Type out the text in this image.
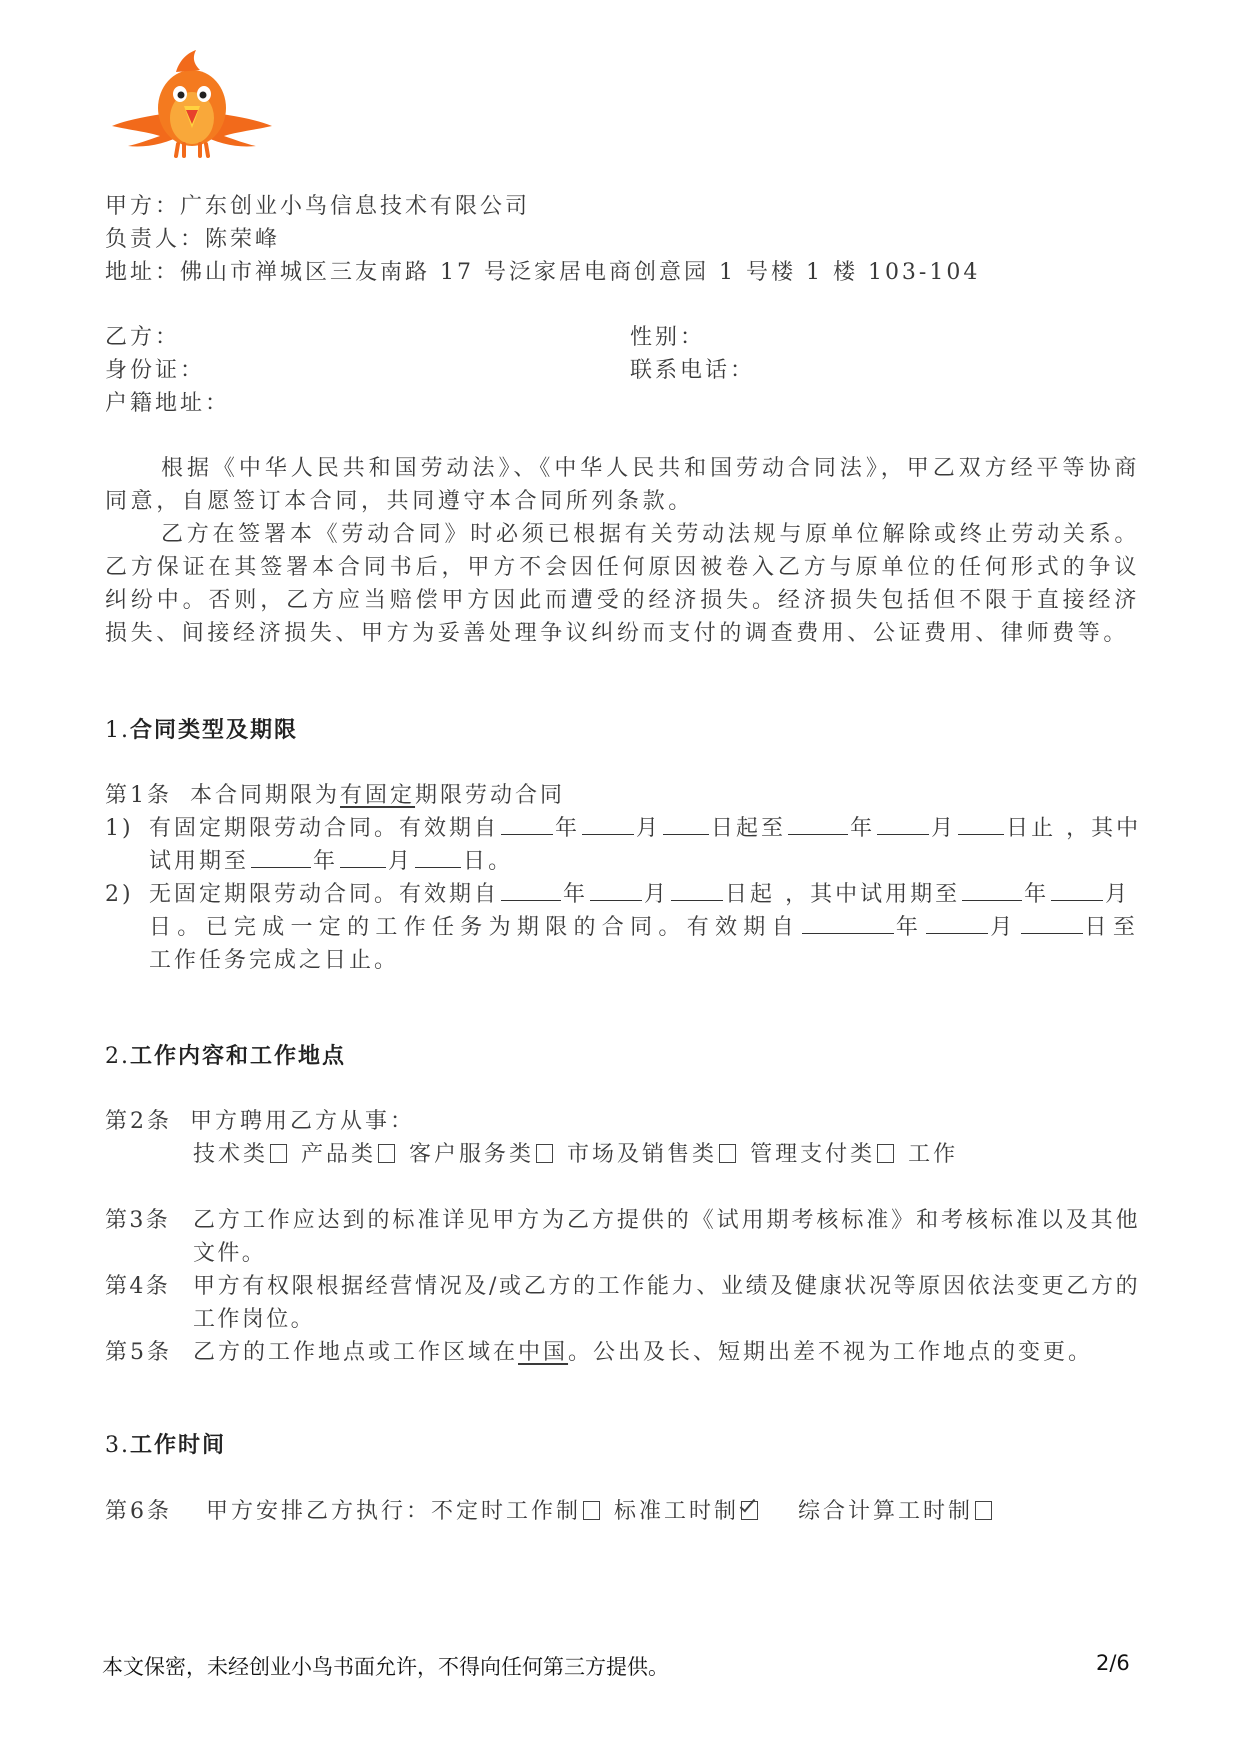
甲方：广东创业小鸟信息技术有限公司
负责人：陈荣峰
地址：佛山市禅城区三友南路 17 号泛家居电商创意园 1 号楼 1 楼 103-104
乙方：	性别：
身份证：	联系电话：
户籍地址：
根据《中华人民共和国劳动法》、《中华人民共和国劳动合同法》，甲乙双方经平等协商同意，自愿签订本合同，共同遵守本合同所列条款。
乙方在签署本《劳动合同》时必须已根据有关劳动法规与原单位解除或终止劳动关系。乙方保证在其签署本合同书后，甲方不会因任何原因被卷入乙方与原单位的任何形式的争议纠纷中。否则，乙方应当赔偿甲方因此而遭受的经济损失。经济损失包括但不限于直接经济损失、间接经济损失、甲方为妥善处理争议纠纷而支付的调查费用、公证费用、律师费等。
1.合同类型及期限
第1条 本合同期限为有固定期限劳动合同
1) 有固定期限劳动合同。有效期自	年	月 日起至	年	月 日止 ，其中
试用期至	年 月 日。
2) 无固定期限劳动合同。有效期自	年	月	日起 ，其中试用期至	年	月
日。已完成一定的工作任务为期限的合同。有效期自	年	月	日至
工作任务完成之日止。
2.工作内容和工作地点
第2条 甲方聘用乙方从事：
技术类 产品类 客户服务类 市场及销售类 管理支付类 工作
第3条 乙方工作应达到的标准详见甲方为乙方提供的《试用期考核标准》和考核标准以及其他文件。
第4条 甲方有权限根据经营情况及/或乙方的工作能力、业绩及健康状况等原因依法变更乙方的工作岗位。
第5条 乙方的工作地点或工作区域在中国。公出及长、短期出差不视为工作地点的变更。
3.工作时间
第6条 甲方安排乙方执行：不定时工作制 标准工时制	综合计算工时制
本文保密，未经创业小鸟书面允许，不得向任何第三方提供。	2/6
